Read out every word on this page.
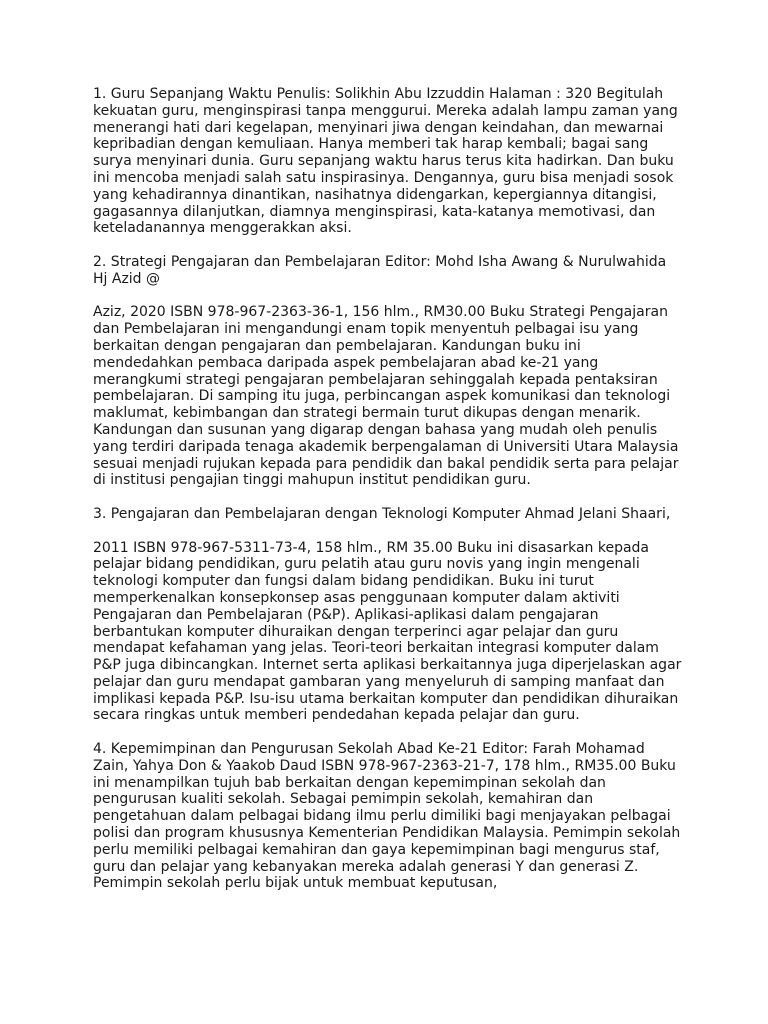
1. Guru Sepanjang Waktu Penulis: Solikhin Abu Izzuddin Halaman : 320 Begitulah kekuatan guru, menginspirasi tanpa menggurui. Mereka adalah lampu zaman yang menerangi hati dari kegelapan, menyinari jiwa dengan keindahan, dan mewarnai kepribadian dengan kemuliaan. Hanya memberi tak harap kembali; bagai sang surya menyinari dunia. Guru sepanjang waktu harus terus kita hadirkan. Dan buku ini mencoba menjadi salah satu inspirasinya. Dengannya, guru bisa menjadi sosok yang kehadirannya dinantikan, nasihatnya didengarkan, kepergiannya ditangisi, gagasannya dilanjutkan, diamnya menginspirasi, kata-katanya memotivasi, dan keteladanannya menggerakkan aksi.

2. Strategi Pengajaran dan Pembelajaran Editor: Mohd Isha Awang & Nurulwahida Hj Azid @

Aziz, 2020 ISBN 978-967-2363-36-1, 156 hlm., RM30.00 Buku Strategi Pengajaran dan Pembelajaran ini mengandungi enam topik menyentuh pelbagai isu yang berkaitan dengan pengajaran dan pembelajaran. Kandungan buku ini mendedahkan pembaca daripada aspek pembelajaran abad ke-21 yang merangkumi strategi pengajaran pembelajaran sehinggalah kepada pentaksiran pembelajaran. Di samping itu juga, perbincangan aspek komunikasi dan teknologi maklumat, kebimbangan dan strategi bermain turut dikupas dengan menarik. Kandungan dan susunan yang digarap dengan bahasa yang mudah oleh penulis yang terdiri daripada tenaga akademik berpengalaman di Universiti Utara Malaysia sesuai menjadi rujukan kepada para pendidik dan bakal pendidik serta para pelajar di institusi pengajian tinggi mahupun institut pendidikan guru.

3. Pengajaran dan Pembelajaran dengan Teknologi Komputer Ahmad Jelani Shaari,

2011 ISBN 978-967-5311-73-4, 158 hlm., RM 35.00 Buku ini disasarkan kepada pelajar bidang pendidikan, guru pelatih atau guru novis yang ingin mengenali teknologi komputer dan fungsi dalam bidang pendidikan. Buku ini turut memperkenalkan konsepkonsep asas penggunaan komputer dalam aktiviti Pengajaran dan Pembelajaran (P&P). Aplikasi-aplikasi dalam pengajaran berbantukan komputer dihuraikan dengan terperinci agar pelajar dan guru mendapat kefahaman yang jelas. Teori-teori berkaitan integrasi komputer dalam P&P juga dibincangkan. Internet serta aplikasi berkaitannya juga diperjelaskan agar pelajar dan guru mendapat gambaran yang menyeluruh di samping manfaat dan implikasi kepada P&P. Isu-isu utama berkaitan komputer dan pendidikan dihuraikan secara ringkas untuk memberi pendedahan kepada pelajar dan guru.

4. Kepemimpinan dan Pengurusan Sekolah Abad Ke-21 Editor: Farah Mohamad Zain, Yahya Don & Yaakob Daud ISBN 978-967-2363-21-7, 178 hlm., RM35.00 Buku ini menampilkan tujuh bab berkaitan dengan kepemimpinan sekolah dan pengurusan kualiti sekolah. Sebagai pemimpin sekolah, kemahiran dan pengetahuan dalam pelbagai bidang ilmu perlu dimiliki bagi menjayakan pelbagai polisi dan program khususnya Kementerian Pendidikan Malaysia. Pemimpin sekolah perlu memiliki pelbagai kemahiran dan gaya kepemimpinan bagi mengurus staf, guru dan pelajar yang kebanyakan mereka adalah generasi Y dan generasi Z. Pemimpin sekolah perlu bijak untuk membuat keputusan,
